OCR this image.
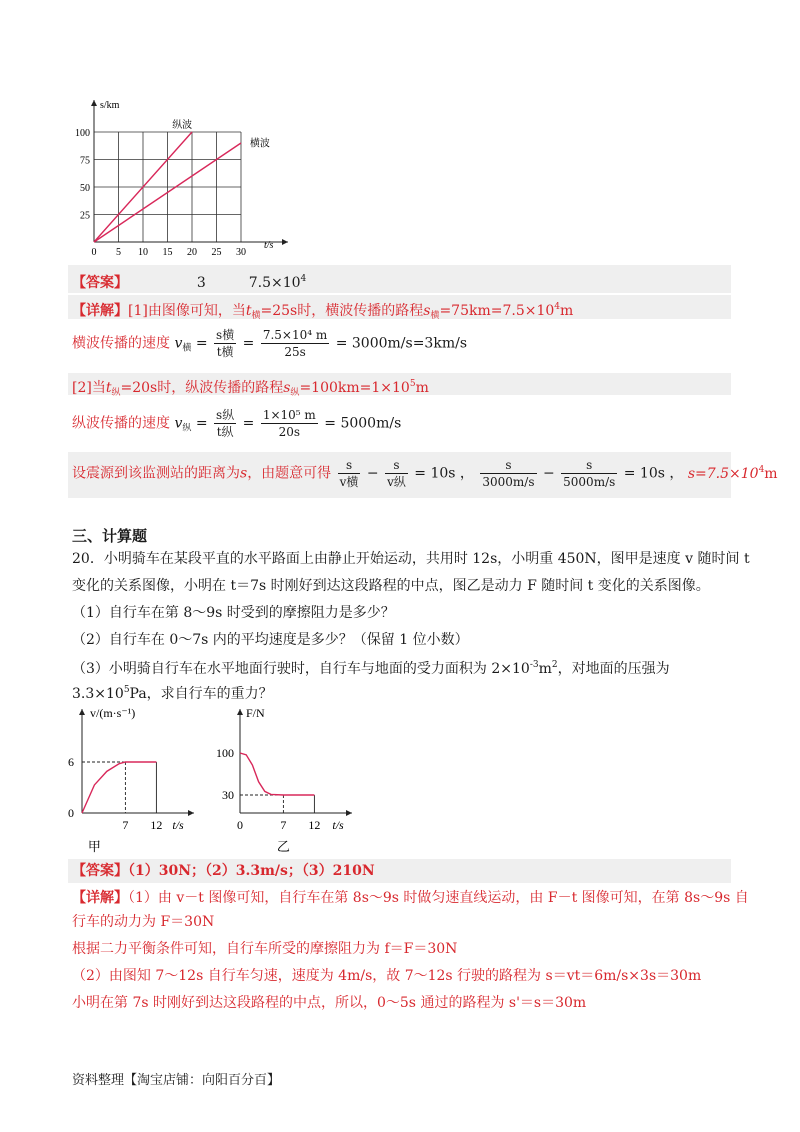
s/km
t/s
25
50
75
100
0 5 10 15 20 25 30
纵波
横波
【答案】	3	$7.5\times 10^4$
【详解】[1]由图像可知，当$t_横=25s$时，横波传播的路程$s_横=75km=7.5\times 10^4m$
横波传播的速度 $v_横 = \frac{\text{s横}}{\text{t横}} = \frac{\text{7.5×10⁴ m}}{25s} = 3000m/s=3km/s$
[2]当$t_纵=20s$时，纵波传播的路程$s_纵=100km=1\times 10^5m$
纵波传播的速度 $v_纵 = \frac{\text{s纵}}{\text{t纵}} = \frac{\text{1×10⁵ m}}{20s} = 5000m/s$
设震源到该监测站的距离为s，由题意可得 $\frac{s}{\text{v横}} - \frac{s}{\text{v纵}} = 10s$ ， $\frac{s}{3000m/s} - \frac{s}{5000m/s} = 10s$ ， $s=7.5\times 10^4m$
三、计算题
20．小明骑车在某段平直的水平路面上由静止开始运动，共用时 12s，小明重 450N，图甲是速度 v 随时间 t
变化的关系图像，小明在 t＝7s 时刚好到达这段路程的中点，图乙是动力 F 随时间 t 变化的关系图像。
（1）自行车在第 8～9s 时受到的摩擦阻力是多少？
（2）自行车在 0～7s 内的平均速度是多少？（保留 1 位小数）
（3）小明骑自行车在水平地面行驶时，自行车与地面的受力面积为 $2\times 10^{-3}m^2$，对地面的压强为
$3.3\times 10^5Pa$，求自行车的重力？
v/(m·s⁻¹)
6
0
7 12 t/s
甲
F/N
100
30
0	7 12 t/s
乙
【答案】（1）30N；（2）3.3m/s；（3）210N
【详解】（1）由 v－t 图像可知，自行车在第 8s～9s 时做匀速直线运动，由 F－t 图像可知，在第 8s～9s 自
行车的动力为 F＝30N
根据二力平衡条件可知，自行车所受的摩擦阻力为 f＝F＝30N
（2）由图知 7～12s 自行车匀速，速度为 4m/s，故 7～12s 行驶的路程为 s＝vt＝6m/s×3s＝30m
小明在第 7s 时刚好到达这段路程的中点，所以，0～5s 通过的路程为 s'＝s＝30m
资料整理【淘宝店铺：向阳百分百】
